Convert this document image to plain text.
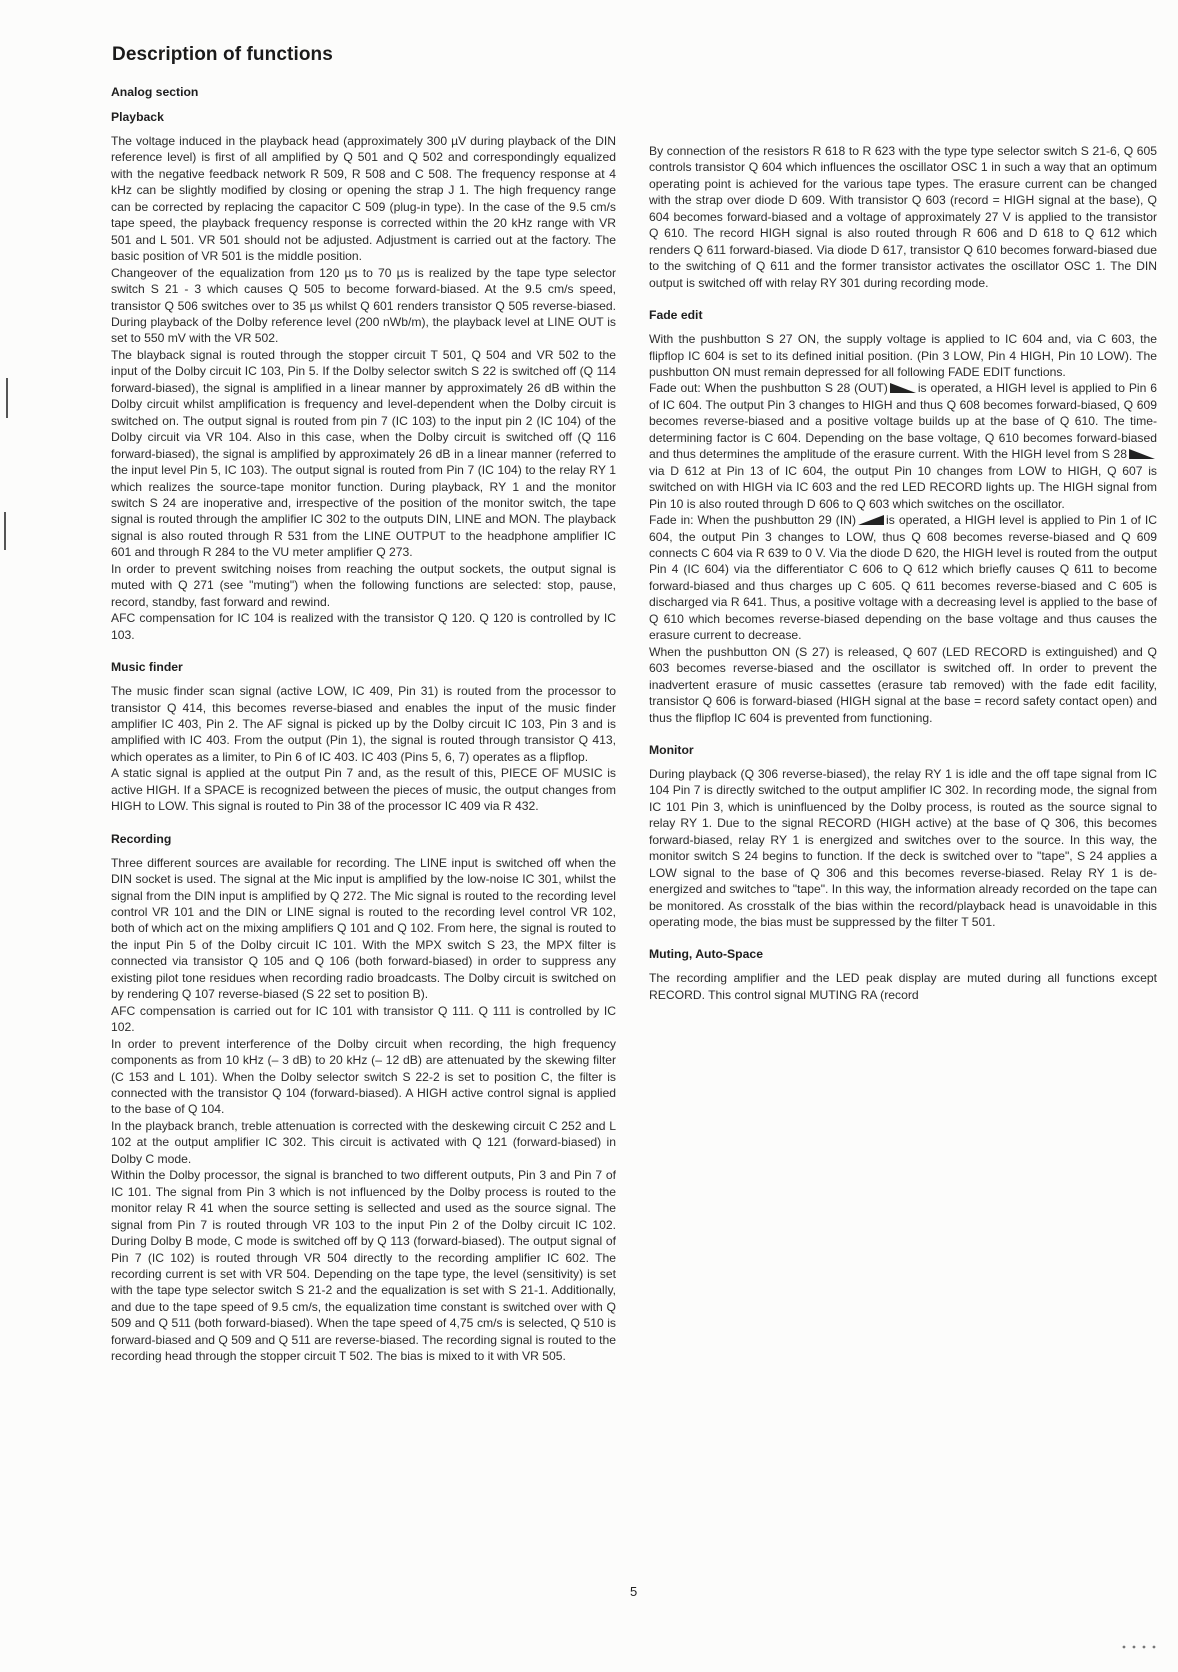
Description of functions
Analog section
Playback

The voltage induced in the playback head (approximately 300 µV during playback of the DIN reference level) is first of all amplified by Q 501 and Q 502 and correspondingly equalized with the negative feedback network R 509, R 508 and C 508. The frequency response at 4 kHz can be slightly modified by closing or opening the strap J 1. The high frequency range can be corrected by replacing the capacitor C 509 (plug-in type). In the case of the 9.5 cm/s tape speed, the playback frequency response is corrected within the 20 kHz range with VR 501 and L 501. VR 501 should not be adjusted. Adjustment is carried out at the factory. The basic position of VR 501 is the middle position.

Changeover of the equalization from 120 µs to 70 µs is realized by the tape type selector switch S 21 - 3 which causes Q 505 to become forward-biased. At the 9.5 cm/s speed, transistor Q 506 switches over to 35 µs whilst Q 601 renders transistor Q 505 reverse-biased. During playback of the Dolby reference level (200 nWb/m), the playback level at LINE OUT is set to 550 mV with the VR 502.

The blayback signal is routed through the stopper circuit T 501, Q 504 and VR 502 to the input of the Dolby circuit IC 103, Pin 5. If the Dolby selector switch S 22 is switched off (Q 114 forward-biased), the signal is amplified in a linear manner by approximately 26 dB within the Dolby circuit whilst amplification is frequency and level-dependent when the Dolby circuit is switched on. The output signal is routed from pin 7 (IC 103) to the input pin 2 (IC 104) of the Dolby circuit via VR 104. Also in this case, when the Dolby circuit is switched off (Q 116 forward-biased), the signal is amplified by approximately 26 dB in a linear manner (referred to the input level Pin 5, IC 103). The output signal is routed from Pin 7 (IC 104) to the relay RY 1 which realizes the source-tape monitor function. During playback, RY 1 and the monitor switch S 24 are inoperative and, irrespective of the position of the monitor switch, the tape signal is routed through the amplifier IC 302 to the outputs DIN, LINE and MON. The playback signal is also routed through R 531 from the LINE OUTPUT to the headphone amplifier IC 601 and through R 284 to the VU meter amplifier Q 273.

In order to prevent switching noises from reaching the output sockets, the output signal is muted with Q 271 (see "muting") when the following functions are selected: stop, pause, record, standby, fast forward and rewind.

AFC compensation for IC 104 is realized with the transistor Q 120. Q 120 is controlled by IC 103.

Music finder

The music finder scan signal (active LOW, IC 409, Pin 31) is routed from the processor to transistor Q 414, this becomes reverse-biased and enables the input of the music finder amplifier IC 403, Pin 2. The AF signal is picked up by the Dolby circuit IC 103, Pin 3 and is amplified with IC 403. From the output (Pin 1), the signal is routed through transistor Q 413, which operates as a limiter, to Pin 6 of IC 403. IC 403 (Pins 5, 6, 7) operates as a flipflop.

A static signal is applied at the output Pin 7 and, as the result of this, PIECE OF MUSIC is active HIGH. If a SPACE is recognized between the pieces of music, the output changes from HIGH to LOW. This signal is routed to Pin 38 of the processor IC 409 via R 432.

Recording

Three different sources are available for recording. The LINE input is switched off when the DIN socket is used. The signal at the Mic input is amplified by the low-noise IC 301, whilst the signal from the DIN input is amplified by Q 272. The Mic signal is routed to the recording level control VR 101 and the DIN or LINE signal is routed to the recording level control VR 102, both of which act on the mixing amplifiers Q 101 and Q 102. From here, the signal is routed to the input Pin 5 of the Dolby circuit IC 101. With the MPX switch S 23, the MPX filter is connected via transistor Q 105 and Q 106 (both forward-biased) in order to suppress any existing pilot tone residues when recording radio broadcasts. The Dolby circuit is switched on by rendering Q 107 reverse-biased (S 22 set to position B).

AFC compensation is carried out for IC 101 with transistor Q 111. Q 111 is controlled by IC 102.

In order to prevent interference of the Dolby circuit when recording, the high frequency components as from 10 kHz (– 3 dB) to 20 kHz (– 12 dB) are attenuated by the skewing filter (C 153 and L 101). When the Dolby selector switch S 22-2 is set to position C, the filter is connected with the transistor Q 104 (forward-biased). A HIGH active control signal is applied to the base of Q 104.

In the playback branch, treble attenuation is corrected with the deskewing circuit C 252 and L 102 at the output amplifier IC 302. This circuit is activated with Q 121 (forward-biased) in Dolby C mode.

Within the Dolby processor, the signal is branched to two different outputs, Pin 3 and Pin 7 of IC 101. The signal from Pin 3 which is not influenced by the Dolby process is routed to the monitor relay R 41 when the source setting is sellected and used as the source signal. The signal from Pin 7 is routed through VR 103 to the input Pin 2 of the Dolby circuit IC 102. During Dolby B mode, C mode is switched off by Q 113 (forward-biased). The output signal of Pin 7 (IC 102) is routed through VR 504 directly to the recording amplifier IC 602. The recording current is set with VR 504. Depending on the tape type, the level (sensitivity) is set with the tape type selector switch S 21-2 and the equalization is set with S 21-1. Additionally, and due to the tape speed of 9.5 cm/s, the equalization time constant is switched over with Q 509 and Q 511 (both forward-biased). When the tape speed of 4,75 cm/s is selected, Q 510 is forward-biased and Q 509 and Q 511 are reverse-biased. The recording signal is routed to the recording head through the stopper circuit T 502. The bias is mixed to it with VR 505.

By connection of the resistors R 618 to R 623 with the type type selector switch S 21-6, Q 605 controls transistor Q 604 which influences the oscillator OSC 1 in such a way that an optimum operating point is achieved for the various tape types. The erasure current can be changed with the strap over diode D 609. With transistor Q 603 (record = HIGH signal at the base), Q 604 becomes forward-biased and a voltage of approximately 27 V is applied to the transistor Q 610. The record HIGH signal is also routed through R 606 and D 618 to Q 612 which renders Q 611 forward-biased. Via diode D 617, transistor Q 610 becomes forward-biased due to the switching of Q 611 and the former transistor activates the oscillator OSC 1. The DIN output is switched off with relay RY 301 during recording mode.

Fade edit

With the pushbutton S 27 ON, the supply voltage is applied to IC 604 and, via C 603, the flipflop IC 604 is set to its defined initial position. (Pin 3 LOW, Pin 4 HIGH, Pin 10 LOW). The pushbutton ON must remain depressed for all following FADE EDIT functions.

Fade out: When the pushbutton S 28 (OUT) is operated, a HIGH level is applied to Pin 6 of IC 604. The output Pin 3 changes to HIGH and thus Q 608 becomes forward-biased, Q 609 becomes reverse-biased and a positive voltage builds up at the base of Q 610. The time-determining factor is C 604. Depending on the base voltage, Q 610 becomes forward-biased and thus determines the amplitude of the erasure current. With the HIGH level from S 28via D 612 at Pin 13 of IC 604, the output Pin 10 changes from LOW to HIGH, Q 607 is switched on with HIGH via IC 603 and the red LED RECORD lights up. The HIGH signal from Pin 10 is also routed through D 606 to Q 603 which switches on the oscillator.

Fade in: When the pushbutton 29 (IN) is operated, a HIGH level is applied to Pin 1 of IC 604, the output Pin 3 changes to LOW, thus Q 608 becomes reverse-biased and Q 609 connects C 604 via R 639 to 0 V. Via the diode D 620, the HIGH level is routed from the output Pin 4 (IC 604) via the differentiator C 606 to Q 612 which briefly causes Q 611 to become forward-biased and thus charges up C 605. Q 611 becomes reverse-biased and C 605 is discharged via R 641. Thus, a positive voltage with a decreasing level is applied to the base of Q 610 which becomes reverse-biased depending on the base voltage and thus causes the erasure current to decrease.

When the pushbutton ON (S 27) is released, Q 607 (LED RECORD is extinguished) and Q 603 becomes reverse-biased and the oscillator is switched off. In order to prevent the inadvertent erasure of music cassettes (erasure tab removed) with the fade edit facility, transistor Q 606 is forward-biased (HIGH signal at the base = record safety contact open) and thus the flipflop IC 604 is prevented from functioning.

Monitor

During playback (Q 306 reverse-biased), the relay RY 1 is idle and the off tape signal from IC 104 Pin 7 is directly switched to the output amplifier IC 302. In recording mode, the signal from IC 101 Pin 3, which is uninfluenced by the Dolby process, is routed as the source signal to relay RY 1. Due to the signal RECORD (HIGH active) at the base of Q 306, this becomes forward-biased, relay RY 1 is energized and switches over to the source. In this way, the monitor switch S 24 begins to function. If the deck is switched over to "tape", S 24 applies a LOW signal to the base of Q 306 and this becomes reverse-biased. Relay RY 1 is de-energized and switches to "tape". In this way, the information already recorded on the tape can be monitored. As crosstalk of the bias within the record/playback head is unavoidable in this operating mode, the bias must be suppressed by the filter T 501.

Muting, Auto-Space

The recording amplifier and the LED peak display are muted during all functions except RECORD. This control signal MUTING RA (record

5
